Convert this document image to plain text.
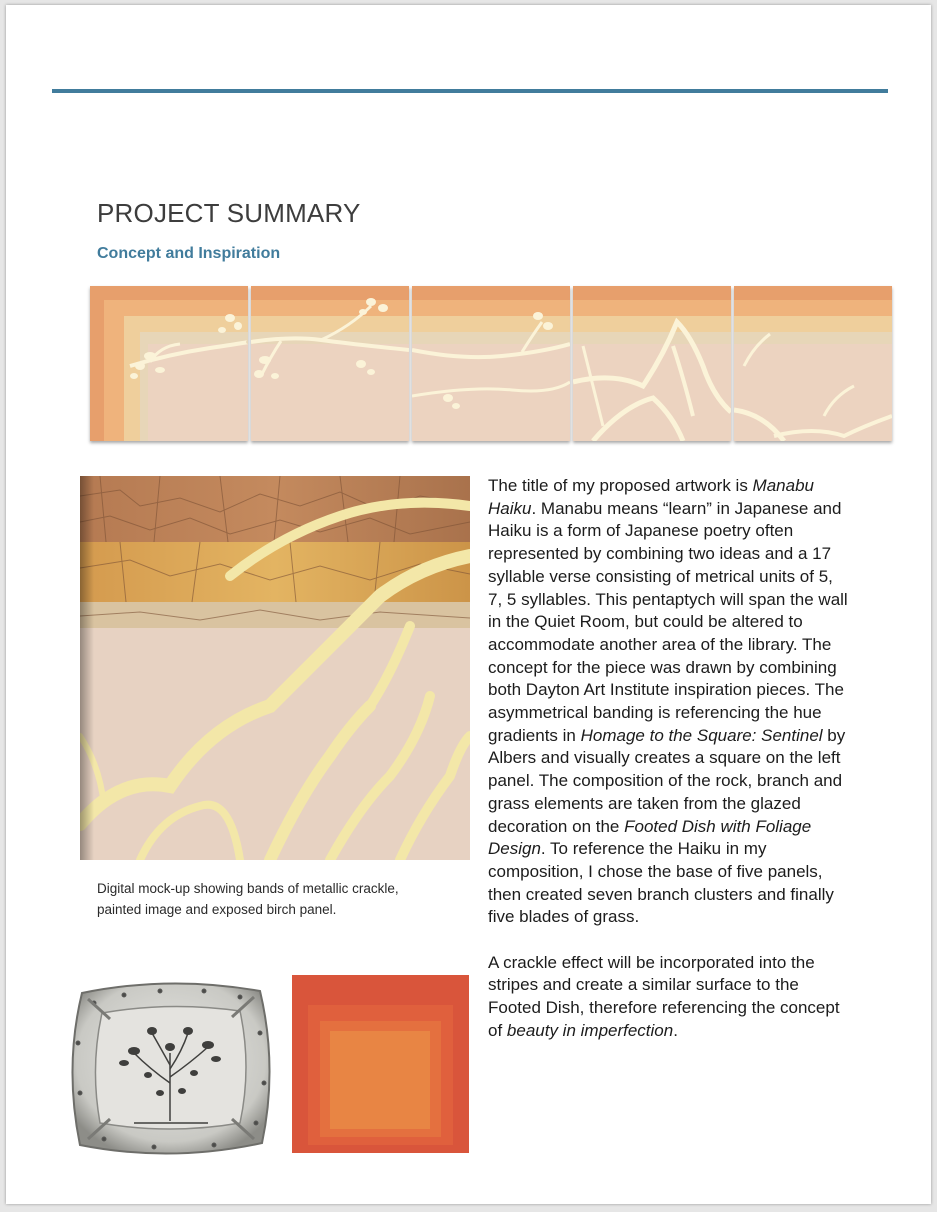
PROJECT SUMMARY
Concept and Inspiration
Digital mock-up showing bands of metallic crackle, painted image and exposed birch panel.

The title of my proposed artwork is Manabu Haiku. Manabu means “learn” in Japanese and Haiku is a form of Japanese poetry often represented by combining two ideas and a 17 syllable verse consisting of metrical units of 5, 7, 5 syllables. This pentaptych will span the wall in the Quiet Room, but could be altered to accommodate another area of the library. The concept for the piece was drawn by combining both Dayton Art Institute inspiration pieces. The asymmetrical banding is referencing the hue gradients in Homage to the Square: Sentinel by Albers and visually creates a square on the left panel. The composition of the rock, branch and grass elements are taken from the glazed decoration on the Footed Dish with Foliage Design. To reference the Haiku in my composition, I chose the base of five panels, then created seven branch clusters and finally five blades of grass.

A crackle effect will be incorporated into the stripes and create a similar surface to the Footed Dish, therefore referencing the concept of beauty in imperfection.
